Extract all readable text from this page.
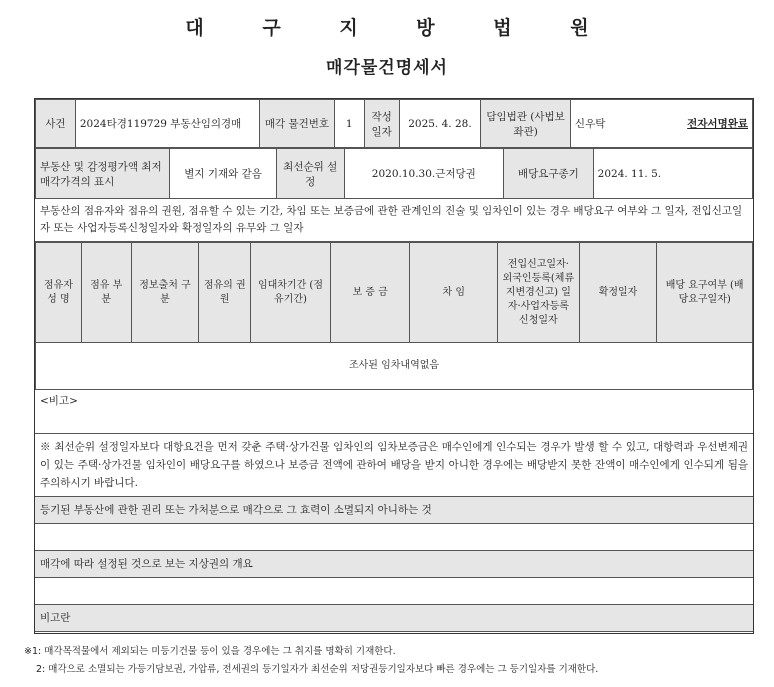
대 구 지 방 법 원
매각물건명세서
사건	2024타경119729 부동산임의경매	매각 물건번호	1	작성 일자	2025. 4. 28.	담임법관 (사법보좌관)	신우탁	전자서명완료
부동산 및 감정평가액 최저매각가격의 표시	별지 기재와 같음	최선순위 설정	2020.10.30.근저당권	배당요구종기	2024. 11. 5.
부동산의 점유자와 점유의 권원, 점유할 수 있는 기간, 차임 또는 보증금에 관한 관계인의 진술 및 임차인이 있는 경우 배당요구 여부와 그 일자, 전입신고일자 또는 사업자등록신청일자와 확정일자의 유무와 그 일자
점유자 성 명	점유 부분	정보출처 구 분	점유의 권 원	임대차기간 (점유기간)	보 증 금	차 임	전입신고일자· 외국인등록(체류지변경신고) 일자·사업자등록 신청일자	확정일자	배당 요구여부 (배당요구일자)
조사된 임차내역없음
<비고>
※ 최선순위 설정일자보다 대항요건을 먼저 갖춘 주택·상가건물 임차인의 임차보증금은 매수인에게 인수되는 경우가 발생 할 수 있고, 대항력과 우선변제권이 있는 주택·상가건물 임차인이 배당요구를 하였으나 보증금 전액에 관하여 배당을 받지 아니한 경우에는 배당받지 못한 잔액이 매수인에게 인수되게 됨을 주의하시기 바랍니다.
등기된 부동산에 관한 권리 또는 가처분으로 매각으로 그 효력이 소멸되지 아니하는 것
매각에 따라 설정된 것으로 보는 지상권의 개요
비고란
※1: 매각목적물에서 제외되는 미등기건물 등이 있을 경우에는 그 취지를 명확히 기재한다.
2: 매각으로 소멸되는 가등기담보권, 가압류, 전세권의 등기일자가 최선순위 저당권등기일자보다 빠른 경우에는 그 등기일자를 기재한다.
